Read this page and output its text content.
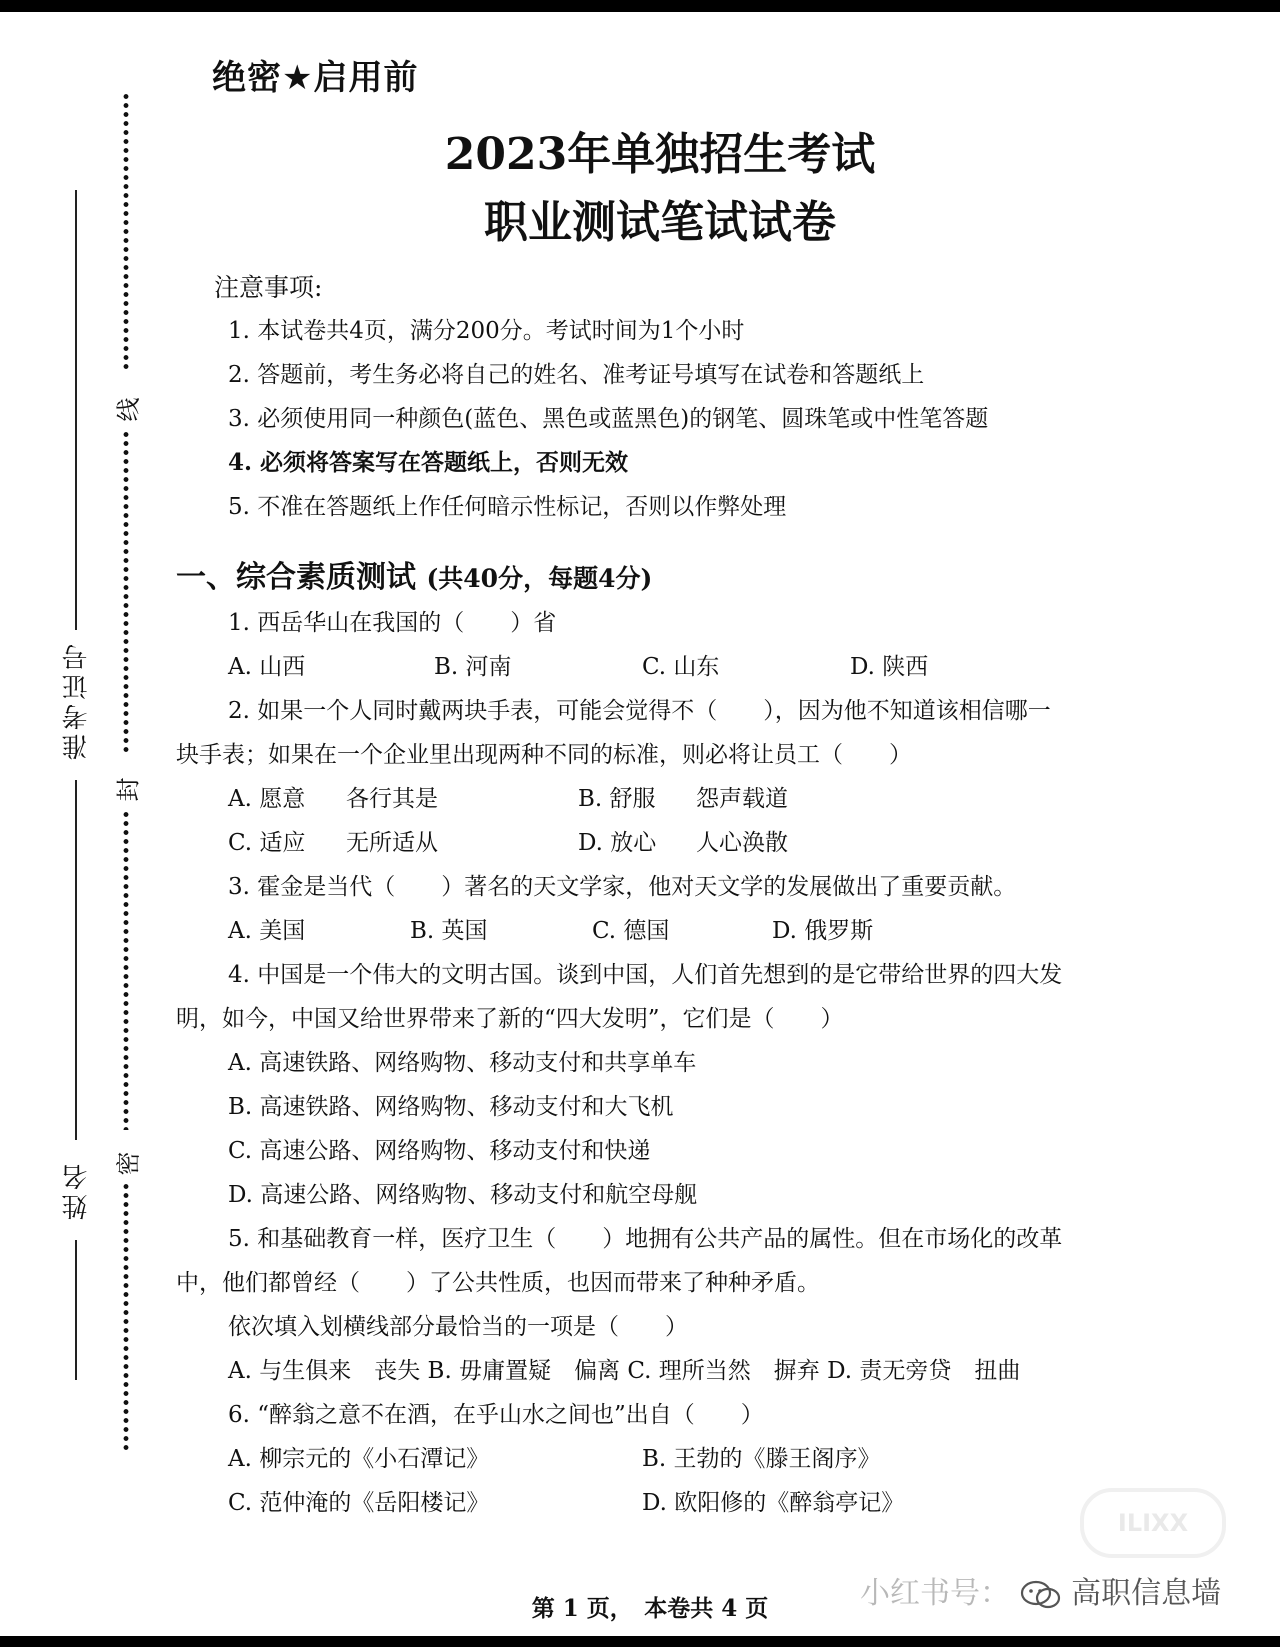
线
封
密
准考证号
姓名
绝密★启用前
2023年单独招生考试
职业测试笔试试卷
注意事项:
1. 本试卷共4页，满分200分。考试时间为1个小时
2. 答题前，考生务必将自己的姓名、准考证号填写在试卷和答题纸上
3. 必须使用同一种颜色(蓝色、黑色或蓝黑色)的钢笔、圆珠笔或中性笔答题
4. 必须将答案写在答题纸上，否则无效
5. 不准在答题纸上作任何暗示性标记，否则以作弊处理
一、综合素质测试 (共40分，每题4分)
1. 西岳华山在我国的（　　）省
A. 山西	B. 河南	C. 山东	D. 陕西
2. 如果一个人同时戴两块手表，可能会觉得不（　　），因为他不知道该相信哪一
块手表；如果在一个企业里出现两种不同的标准，则必将让员工（　　）
A. 愿意 各行其是	B. 舒服 怨声载道
C. 适应 无所适从	D. 放心 人心涣散
3. 霍金是当代（　　）著名的天文学家，他对天文学的发展做出了重要贡献。
A. 美国	B. 英国	C. 德国	D. 俄罗斯
4. 中国是一个伟大的文明古国。谈到中国，人们首先想到的是它带给世界的四大发
明，如今，中国又给世界带来了新的“四大发明”，它们是（　　）
A. 高速铁路、网络购物、移动支付和共享单车
B. 高速铁路、网络购物、移动支付和大飞机
C. 高速公路、网络购物、移动支付和快递
D. 高速公路、网络购物、移动支付和航空母舰
5. 和基础教育一样，医疗卫生（　　）地拥有公共产品的属性。但在市场化的改革
中，他们都曾经（　　）了公共性质，也因而带来了种种矛盾。
依次填入划横线部分最恰当的一项是（　　）
A. 与生俱来　丧失 B. 毋庸置疑　偏离 C. 理所当然　摒弃 D. 责无旁贷　扭曲
6. “醉翁之意不在酒，在乎山水之间也”出自（　　）
A. 柳宗元的《小石潭记》	B. 王勃的《滕王阁序》
C. 范仲淹的《岳阳楼记》	D. 欧阳修的《醉翁亭记》
ILIXX
第 1 页，　本卷共 4 页	小红书号： 高职信息墙
